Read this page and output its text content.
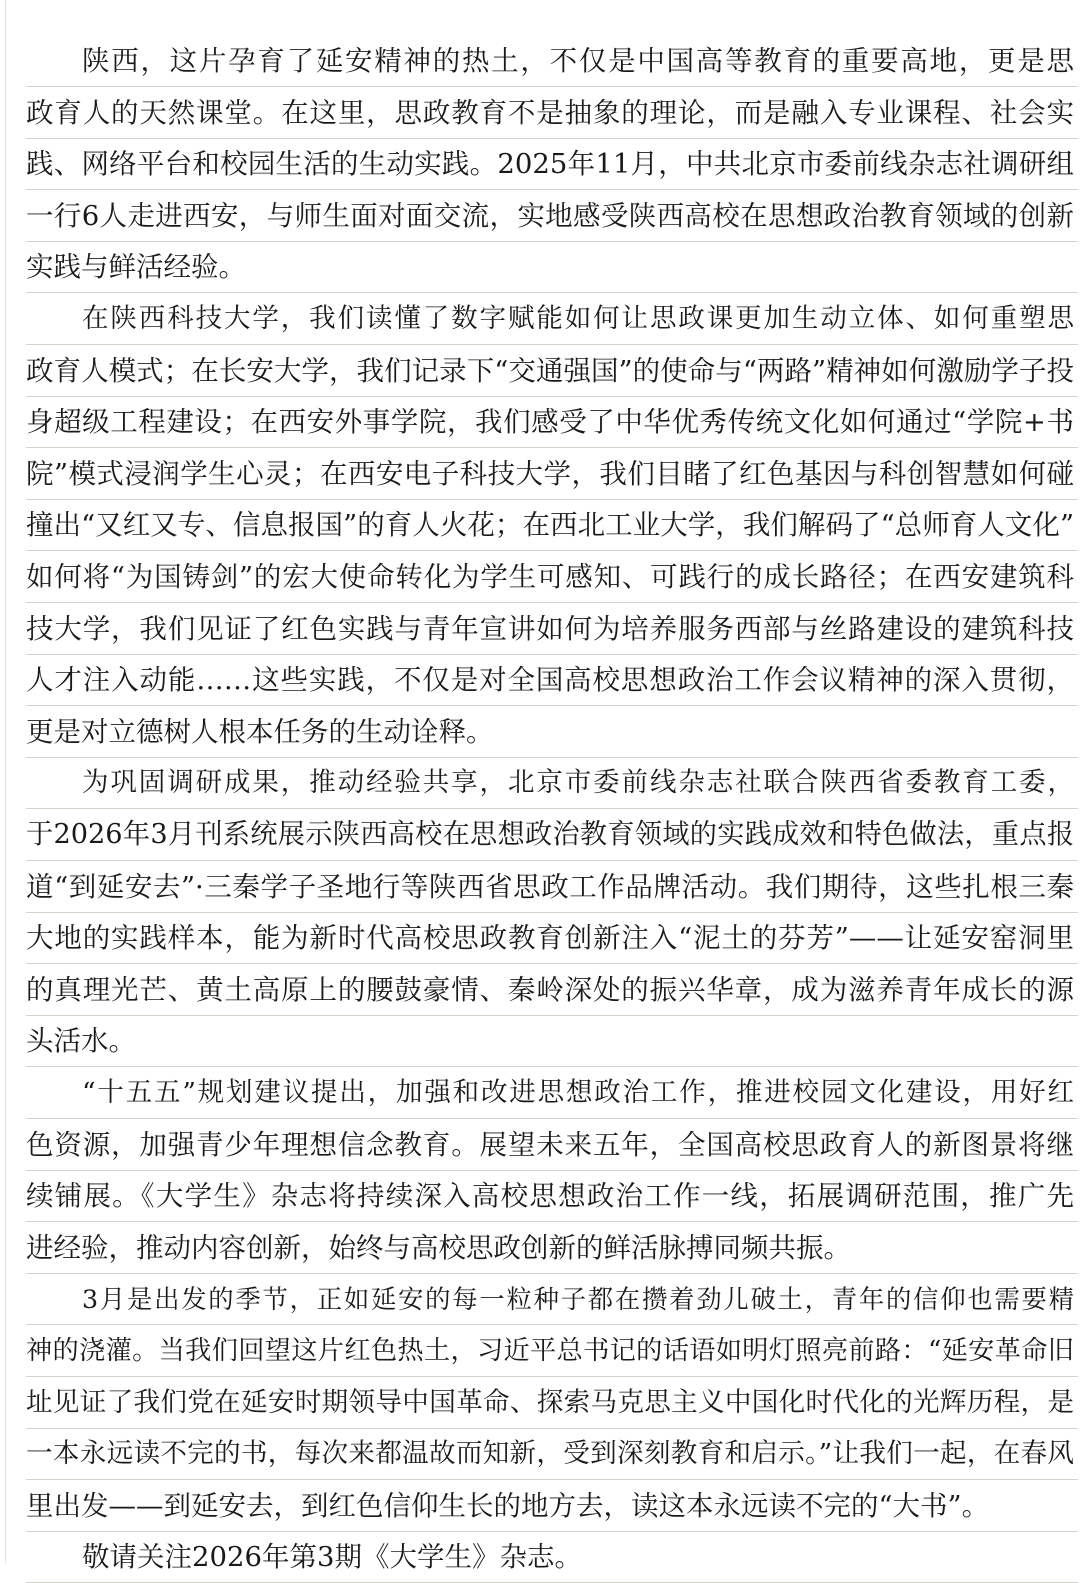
陕西，这片孕育了延安精神的热土，不仅是中国高等教育的重要高地，更是思
政育人的天然课堂。在这里，思政教育不是抽象的理论，而是融入专业课程、社会实
践、网络平台和校园生活的生动实践。2025年11月，中共北京市委前线杂志社调研组
一行6人走进西安，与师生面对面交流，实地感受陕西高校在思想政治教育领域的创新
实践与鲜活经验。
在陕西科技大学，我们读懂了数字赋能如何让思政课更加生动立体、如何重塑思
政育人模式；在长安大学，我们记录下“交通强国”的使命与“两路”精神如何激励学子投
身超级工程建设；在西安外事学院，我们感受了中华优秀传统文化如何通过“学院+书
院”模式浸润学生心灵；在西安电子科技大学，我们目睹了红色基因与科创智慧如何碰
撞出“又红又专、信息报国”的育人火花；在西北工业大学，我们解码了“总师育人文化”
如何将“为国铸剑”的宏大使命转化为学生可感知、可践行的成长路径；在西安建筑科
技大学，我们见证了红色实践与青年宣讲如何为培养服务西部与丝路建设的建筑科技
人才注入动能……这些实践，不仅是对全国高校思想政治工作会议精神的深入贯彻，
更是对立德树人根本任务的生动诠释。
为巩固调研成果，推动经验共享，北京市委前线杂志社联合陕西省委教育工委，
于2026年3月刊系统展示陕西高校在思想政治教育领域的实践成效和特色做法，重点报
道“到延安去”·三秦学子圣地行等陕西省思政工作品牌活动。我们期待，这些扎根三秦
大地的实践样本，能为新时代高校思政教育创新注入“泥土的芬芳”——让延安窑洞里
的真理光芒、黄土高原上的腰鼓豪情、秦岭深处的振兴华章，成为滋养青年成长的源
头活水。
“十五五”规划建议提出，加强和改进思想政治工作，推进校园文化建设，用好红
色资源，加强青少年理想信念教育。展望未来五年，全国高校思政育人的新图景将继
续铺展。《大学生》杂志将持续深入高校思想政治工作一线，拓展调研范围，推广先
进经验，推动内容创新，始终与高校思政创新的鲜活脉搏同频共振。
3月是出发的季节，正如延安的每一粒种子都在攒着劲儿破土，青年的信仰也需要精
神的浇灌。当我们回望这片红色热土，习近平总书记的话语如明灯照亮前路：“延安革命旧
址见证了我们党在延安时期领导中国革命、探索马克思主义中国化时代化的光辉历程，是
一本永远读不完的书，每次来都温故而知新，受到深刻教育和启示。”让我们一起，在春风
里出发——到延安去，到红色信仰生长的地方去，读这本永远读不完的“大书”。
敬请关注2026年第3期《大学生》杂志。
